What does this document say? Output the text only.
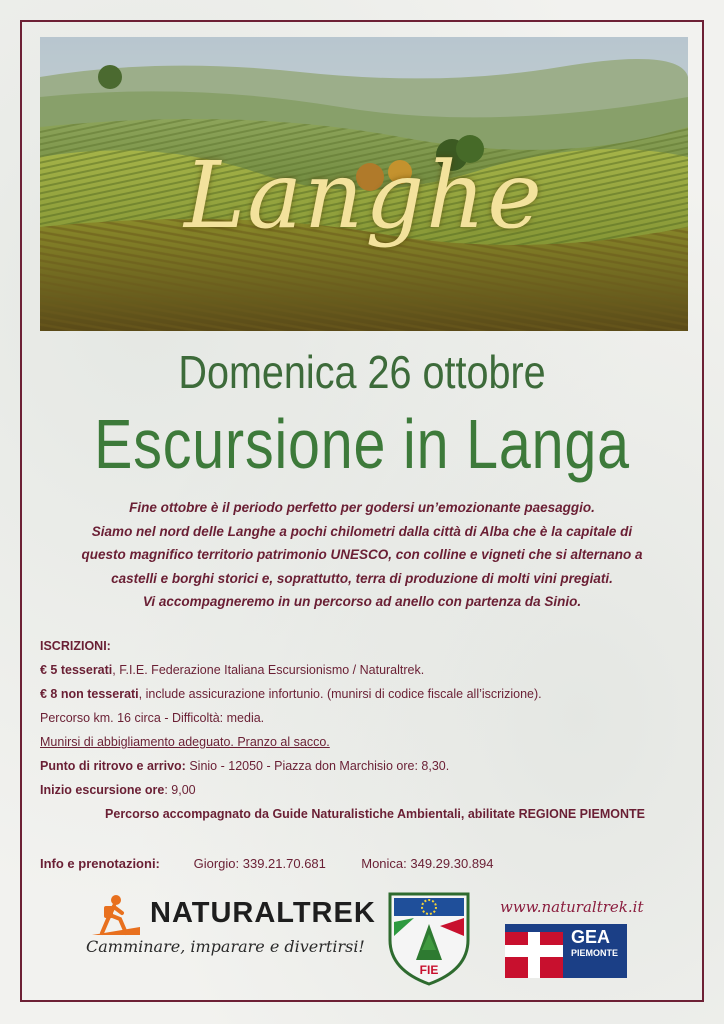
Langhe
Domenica 26 ottobre
Escursione in Langa

Fine ottobre è il periodo perfetto per godersi un’emozionante paesaggio.

Siamo nel nord delle Langhe a pochi chilometri dalla città di Alba che è la capitale di

questo magnifico territorio patrimonio UNESCO, con colline e vigneti che si alternano a

castelli e borghi storici e, soprattutto, terra di produzione di molti vini pregiati.

Vi accompagneremo in un percorso ad anello con partenza da Sinio.

ISCRIZIONI:
€ 5 tesserati, F.I.E. Federazione Italiana Escursionismo / Naturaltrek.
€ 8 non tesserati, include assicurazione infortunio. (munirsi di codice fiscale all’iscrizione).
Percorso km. 16 circa - Difficoltà: media.
Munirsi di abbigliamento adeguato. Pranzo al sacco.
Punto di ritrovo e arrivo: Sinio - 12050 - Piazza don Marchisio ore: 8,30.
Inizio escursione ore: 9,00
Percorso accompagnato da Guide Naturalistiche Ambientali, abilitate REGIONE PIEMONTE
Info e prenotazioni:	Giorgio: 339.21.70.681	Monica: 349.29.30.894
NATURALTREK
Camminare, imparare e divertirsi!
FIE
www.naturaltrek.it
GEA
PIEMONTE
